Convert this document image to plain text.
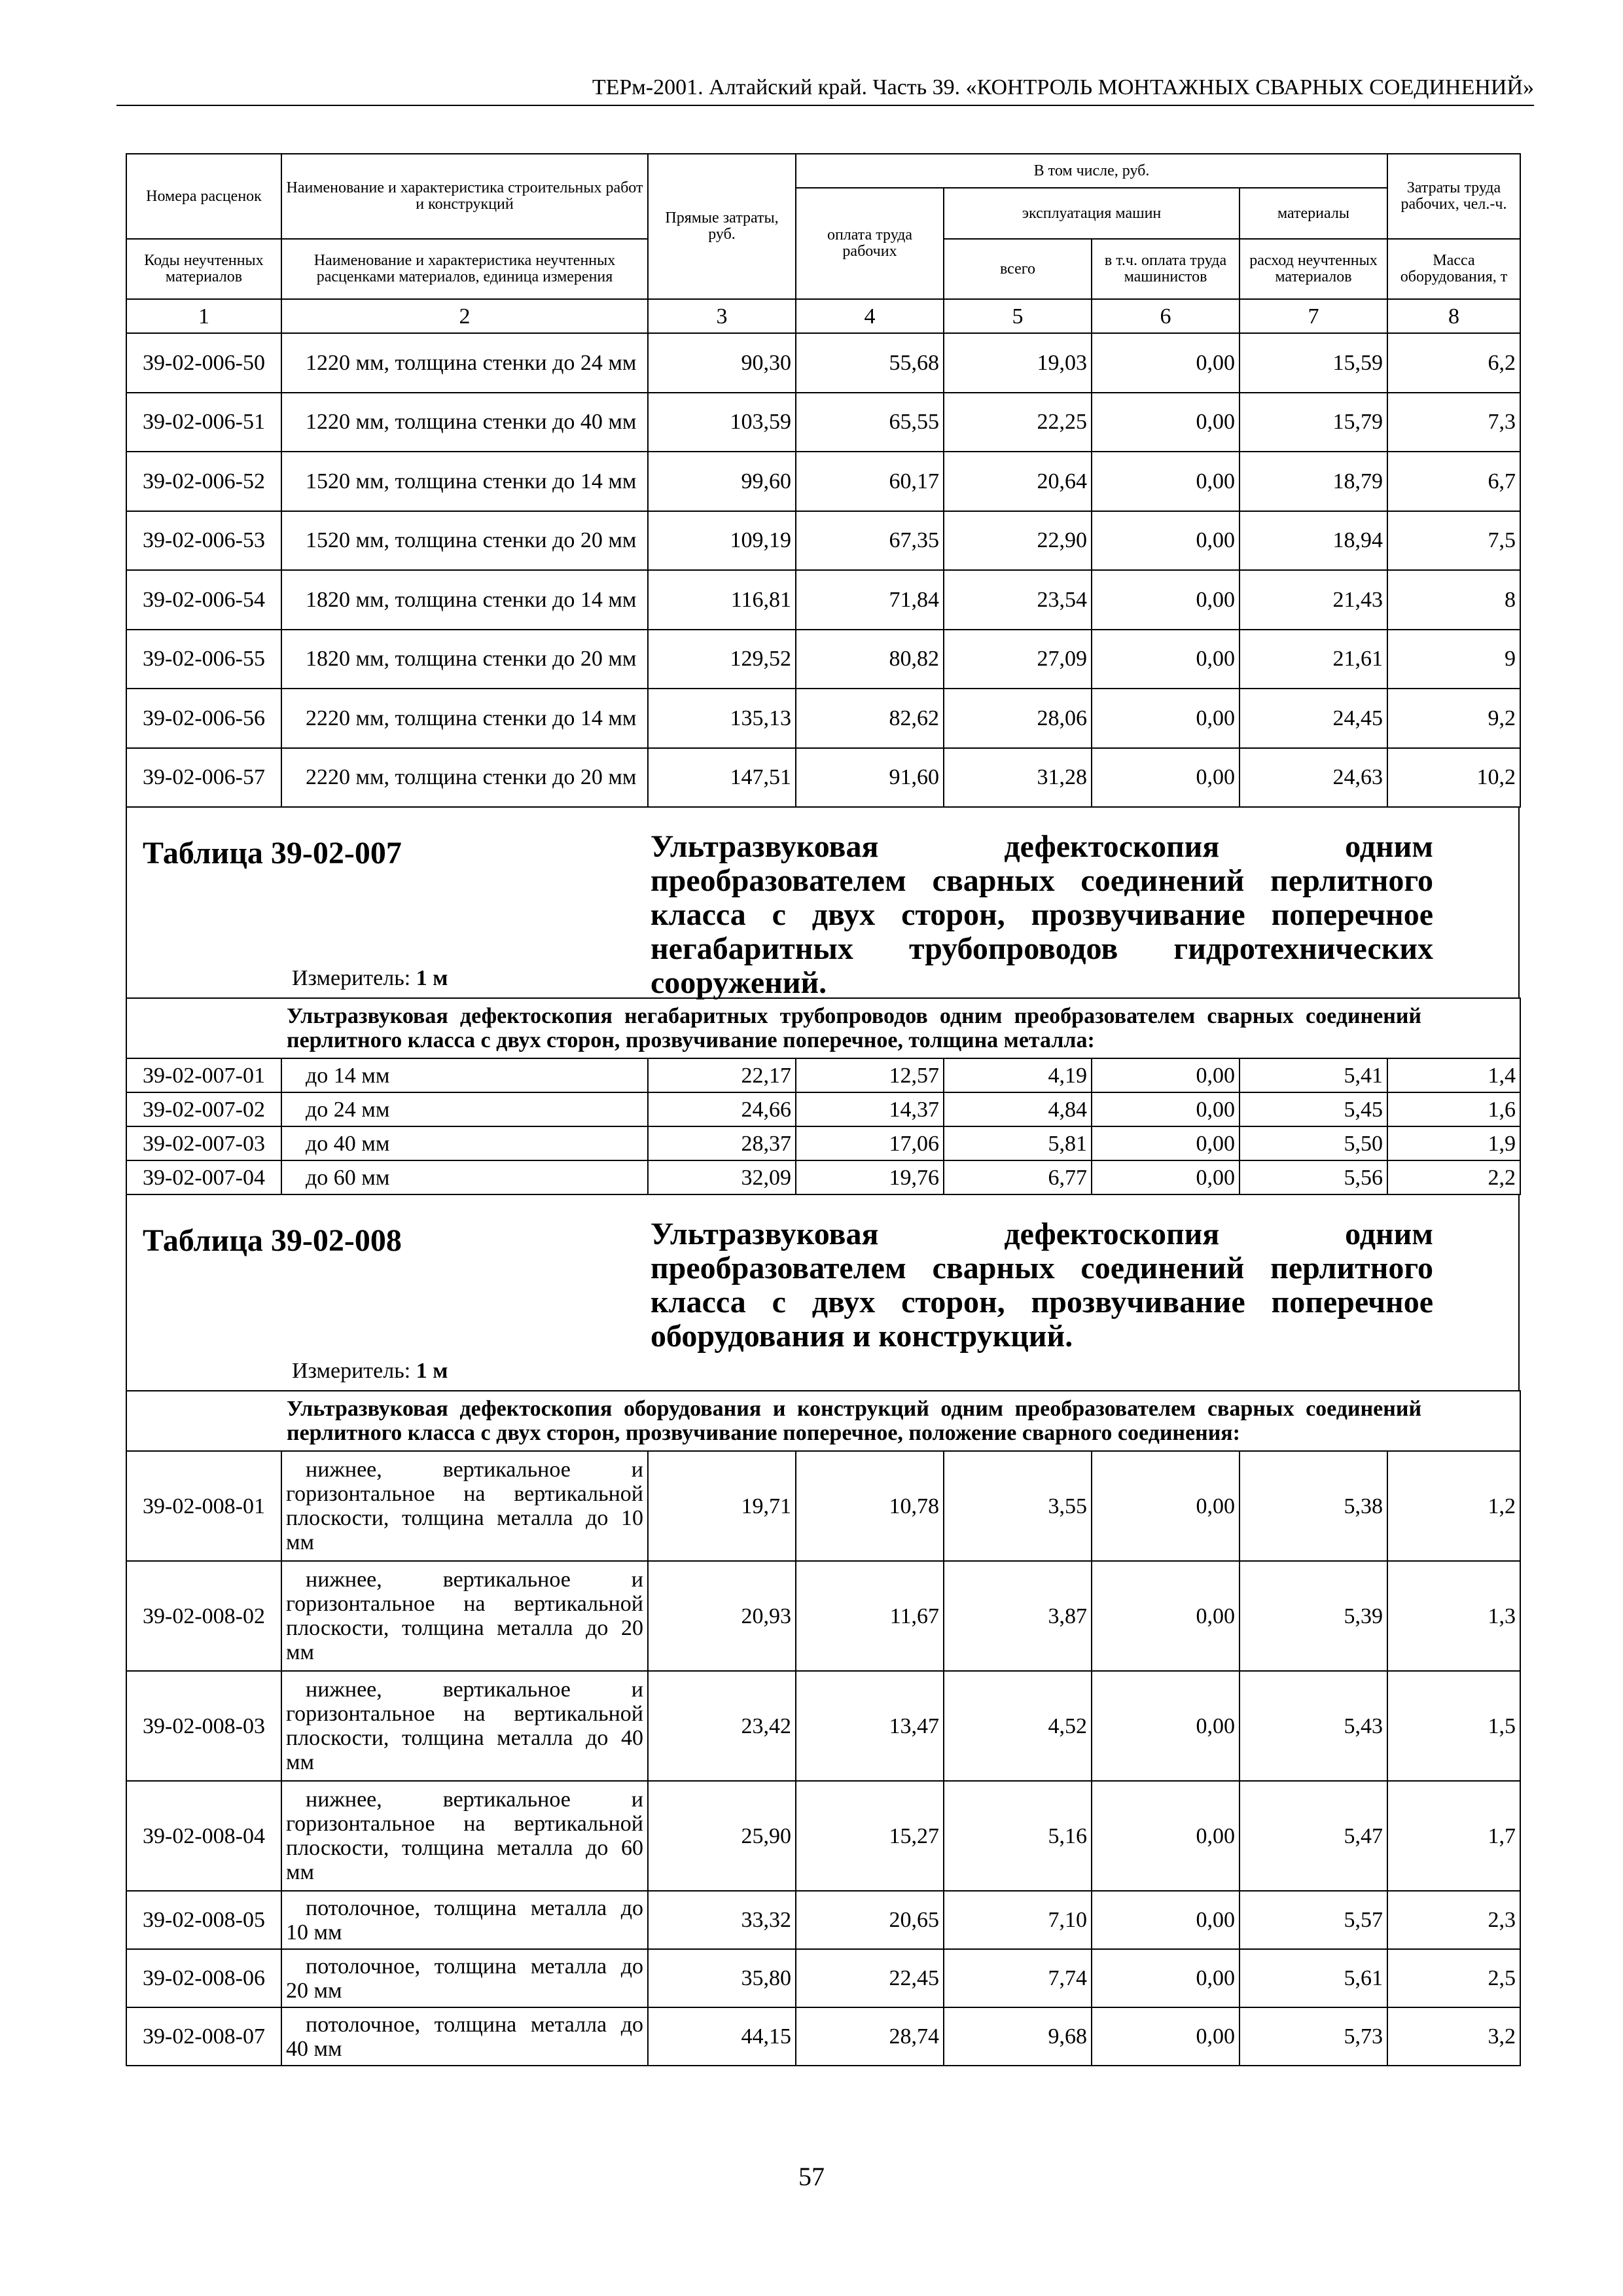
ТЕРм-2001. Алтайский край. Часть 39. «КОНТРОЛЬ МОНТАЖНЫХ СВАРНЫХ СОЕДИНЕНИЙ»
Номера расценок	Наименование и характеристика строительных работ и конструкций	Прямые затраты, руб.	В том числе, руб.				Затраты труда рабочих, чел.-ч.
			оплата труда рабочих	эксплуатация машин		материалы	
Коды неучтенных материалов	Наименование и характеристика неучтенных расценками материалов, единица измерения			всего	в т.ч. оплата труда машинистов	расход неучтенных материалов	Масса оборудования, т
1	2	3	4	5	6	7	8
39-02-006-50	1220 мм, толщина стенки до 24 мм	90,30	55,68	19,03	0,00	15,59	6,2
39-02-006-51	1220 мм, толщина стенки до 40 мм	103,59	65,55	22,25	0,00	15,79	7,3
39-02-006-52	1520 мм, толщина стенки до 14 мм	99,60	60,17	20,64	0,00	18,79	6,7
39-02-006-53	1520 мм, толщина стенки до 20 мм	109,19	67,35	22,90	0,00	18,94	7,5
39-02-006-54	1820 мм, толщина стенки до 14 мм	116,81	71,84	23,54	0,00	21,43	8
39-02-006-55	1820 мм, толщина стенки до 20 мм	129,52	80,82	27,09	0,00	21,61	9
39-02-006-56	2220 мм, толщина стенки до 14 мм	135,13	82,62	28,06	0,00	24,45	9,2
39-02-006-57	2220 мм, толщина стенки до 20 мм	147,51	91,60	31,28	0,00	24,63	10,2
Таблица 39-02-007	Ультразвуковая дефектоскопия одним преобразователем сварных соединений перлитного класса с двух сторон, прозвучивание поперечное негабаритных трубопроводов гидротехнических сооружений.
Измеритель: 1 м
Ультразвуковая дефектоскопия негабаритных трубопроводов одним преобразователем сварных соединений перлитного класса с двух сторон, прозвучивание поперечное, толщина металла:							
39-02-007-01	до 14 мм	22,17	12,57	4,19	0,00	5,41	1,4
39-02-007-02	до 24 мм	24,66	14,37	4,84	0,00	5,45	1,6
39-02-007-03	до 40 мм	28,37	17,06	5,81	0,00	5,50	1,9
39-02-007-04	до 60 мм	32,09	19,76	6,77	0,00	5,56	2,2
Таблица 39-02-008	Ультразвуковая дефектоскопия одним преобразователем сварных соединений перлитного класса с двух сторон, прозвучивание поперечное оборудования и конструкций.
Измеритель: 1 м
Ультразвуковая дефектоскопия оборудования и конструкций одним преобразователем сварных соединений перлитного класса с двух сторон, прозвучивание поперечное, положение сварного соединения:							
39-02-008-01	нижнее, вертикальное и горизонтальное на вертикальной плоскости, толщина металла до 10 мм	19,71	10,78	3,55	0,00	5,38	1,2
39-02-008-02	нижнее, вертикальное и горизонтальное на вертикальной плоскости, толщина металла до 20 мм	20,93	11,67	3,87	0,00	5,39	1,3
39-02-008-03	нижнее, вертикальное и горизонтальное на вертикальной плоскости, толщина металла до 40 мм	23,42	13,47	4,52	0,00	5,43	1,5
39-02-008-04	нижнее, вертикальное и горизонтальное на вертикальной плоскости, толщина металла до 60 мм	25,90	15,27	5,16	0,00	5,47	1,7
39-02-008-05	потолочное, толщина металла до 10 мм	33,32	20,65	7,10	0,00	5,57	2,3
39-02-008-06	потолочное, толщина металла до 20 мм	35,80	22,45	7,74	0,00	5,61	2,5
39-02-008-07	потолочное, толщина металла до 40 мм	44,15	28,74	9,68	0,00	5,73	3,2
57
